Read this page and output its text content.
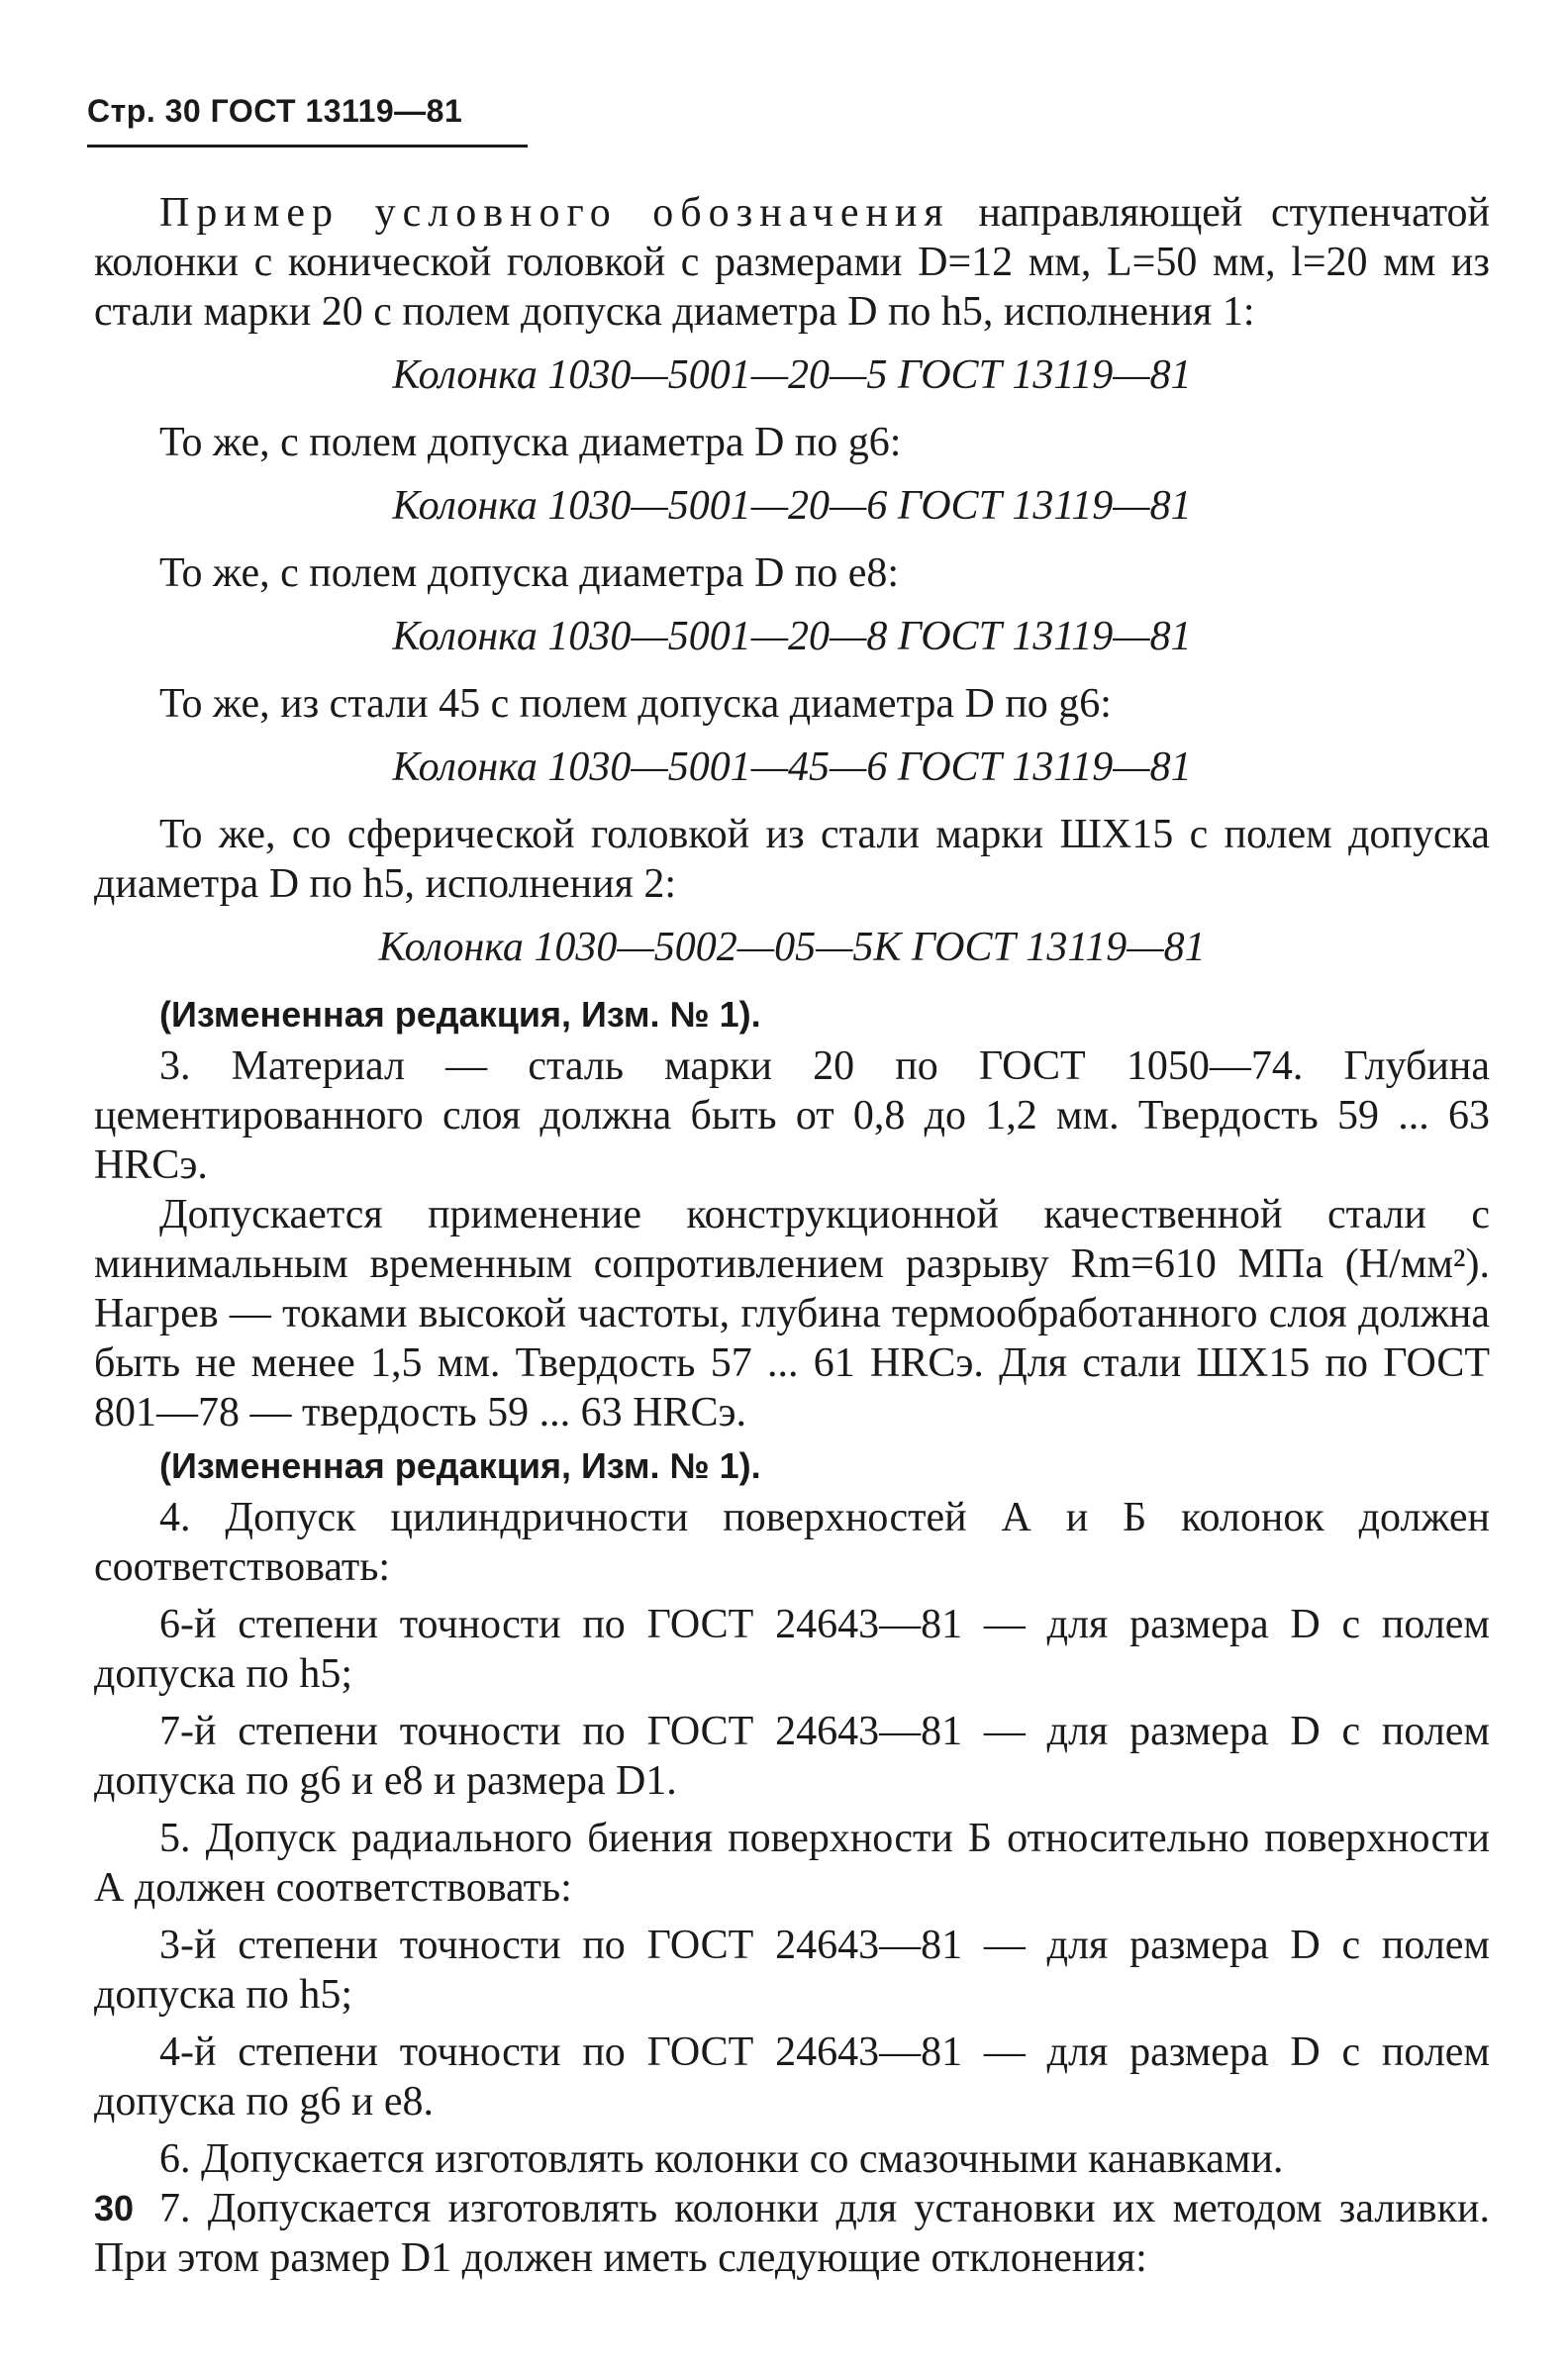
Стр. 30 ГОСТ 13119—81

Пример условного обозначения направляющей ступенчатой колонки с конической головкой с размерами D=12 мм, L=50 мм, l=20 мм из стали марки 20 с полем допуска диаметра D по h5, исполнения 1:

Колонка 1030—5001—20—5 ГОСТ 13119—81

То же, с полем допуска диаметра D по g6:

Колонка 1030—5001—20—6 ГОСТ 13119—81

То же, с полем допуска диаметра D по e8:

Колонка 1030—5001—20—8 ГОСТ 13119—81

То же, из стали 45 с полем допуска диаметра D по g6:

Колонка 1030—5001—45—6 ГОСТ 13119—81

То же, со сферической головкой из стали марки ШХ15 с полем допуска диаметра D по h5, исполнения 2:

Колонка 1030—5002—05—5К ГОСТ 13119—81
(Измененная редакция, Изм. № 1).

3. Материал — сталь марки 20 по ГОСТ 1050—74. Глубина цементированного слоя должна быть от 0,8 до 1,2 мм. Твердость 59 ... 63 HRCэ.

Допускается применение конструкционной качественной стали с минимальным временным сопротивлением разрыву Rm=610 МПа (Н/мм²). Нагрев — токами высокой частоты, глубина термообработанного слоя должна быть не менее 1,5 мм. Твердость 57 ... 61 HRCэ. Для стали ШХ15 по ГОСТ 801—78 — твердость 59 ... 63 HRCэ.

(Измененная редакция, Изм. № 1).

4. Допуск цилиндричности поверхностей А и Б колонок должен соответствовать:

6-й степени точности по ГОСТ 24643—81 — для размера D с полем допуска по h5;

7-й степени точности по ГОСТ 24643—81 — для размера D с полем допуска по g6 и e8 и размера D1.

5. Допуск радиального биения поверхности Б относительно поверхности А должен соответствовать:

3-й степени точности по ГОСТ 24643—81 — для размера D с полем допуска по h5;

4-й степени точности по ГОСТ 24643—81 — для размера D с полем допуска по g6 и e8.

6. Допускается изготовлять колонки со смазочными канавками.

7. Допускается изготовлять колонки для установки их методом заливки. При этом размер D1 должен иметь следующие отклонения:

30
